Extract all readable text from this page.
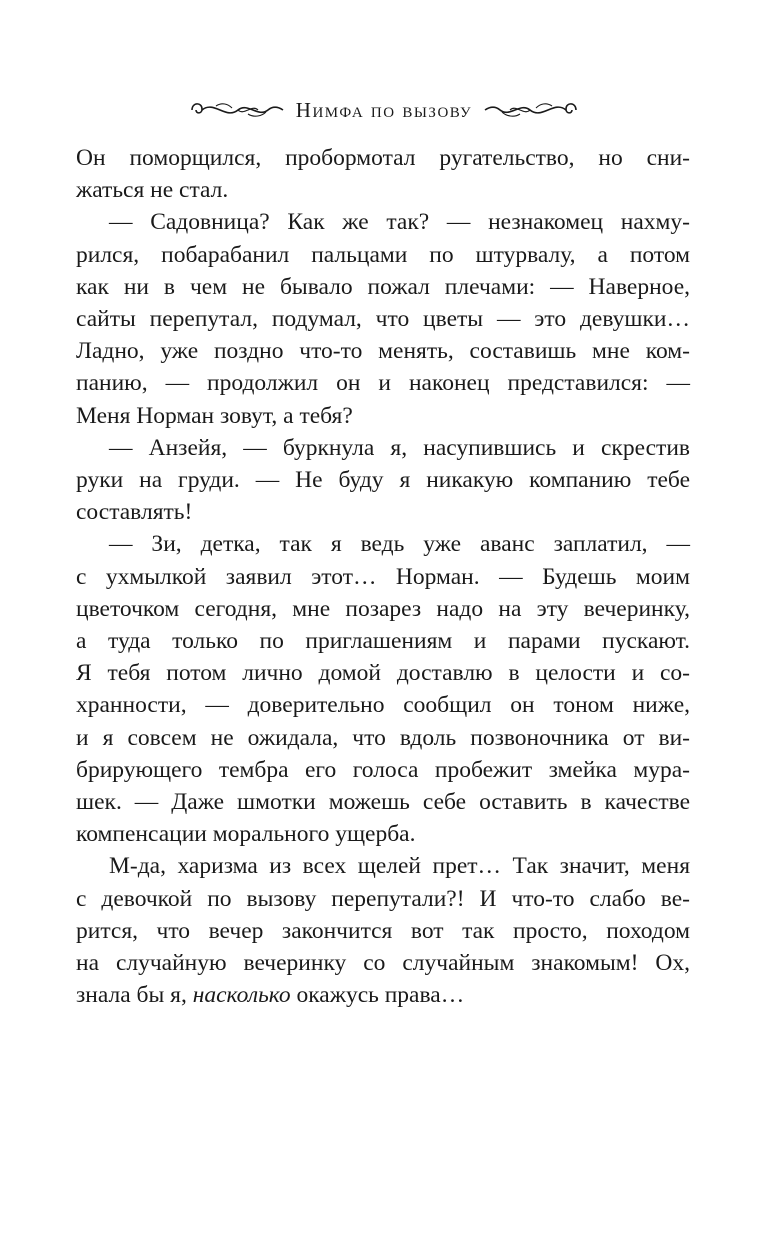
Нимфа по вызову

Он поморщился, пробормотал ругательство, но сни-
жаться не стал.

— Садовница? Как же так? — незнакомец нахму-
рился, побарабанил пальцами по штурвалу, а потом
как ни в чем не бывало пожал плечами: — Наверное,
сайты перепутал, подумал, что цветы — это девушки…
Ладно, уже поздно что-то менять, составишь мне ком-
панию, — продолжил он и наконец представился: —
Меня Норман зовут, а тебя?

— Анзейя, — буркнула я, насупившись и скрестив
руки на груди. — Не буду я никакую компанию тебе
составлять!

— Зи, детка, так я ведь уже аванс заплатил, —
с ухмылкой заявил этот… Норман. — Будешь моим
цветочком сегодня, мне позарез надо на эту вечеринку,
а туда только по приглашениям и парами пускают.
Я тебя потом лично домой доставлю в целости и со-
хранности, — доверительно сообщил он тоном ниже,
и я совсем не ожидала, что вдоль позвоночника от ви-
брирующего тембра его голоса пробежит змейка мура-
шек. — Даже шмотки можешь себе оставить в качестве
компенсации морального ущерба.

М-да, харизма из всех щелей прет… Так значит, меня
с девочкой по вызову перепутали?! И что-то слабо ве-
рится, что вечер закончится вот так просто, походом
на случайную вечеринку со случайным знакомым! Ох,
знала бы я, насколько окажусь права…
